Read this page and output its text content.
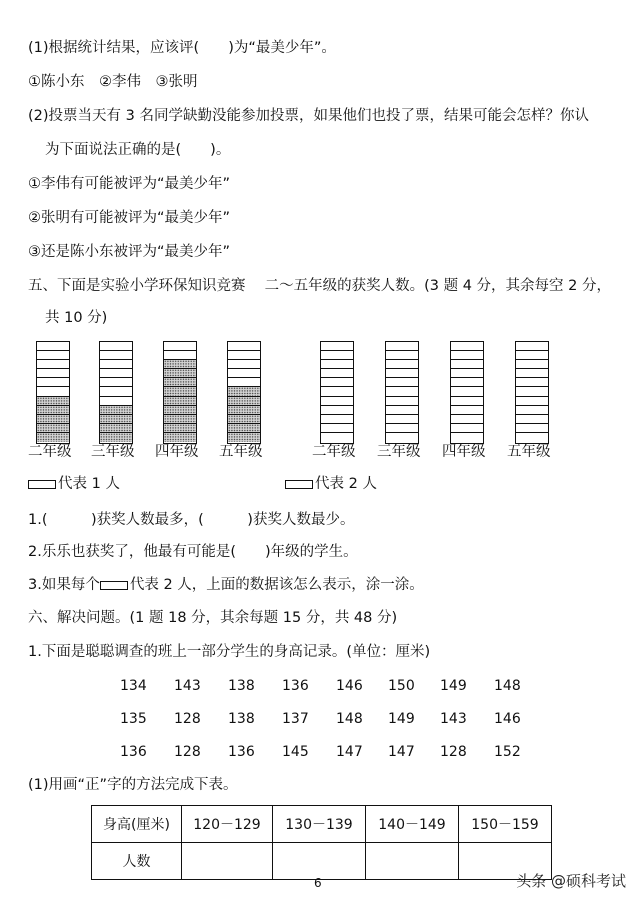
(1)根据统计结果，应该评(　　)为“最美少年”。
①陈小东　②李伟　③张明
(2)投票当天有 3 名同学缺勤没能参加投票，如果他们也投了票，结果可能会怎样？你认
为下面说法正确的是(　　)。
①李伟有可能被评为“最美少年”
②张明有可能被评为“最美少年”
③还是陈小东被评为“最美少年”
五、下面是实验小学环保知识竞赛　 二～五年级的获奖人数。(3 题 4 分，其余每空 2 分，
共 10 分)
二年级 三年级 四年级 五年级	二年级 三年级 四年级 五年级
代表 1 人	代表 2 人
1.(　　　)获奖人数最多，(　　　)获奖人数最少。
2.乐乐也获奖了，他最有可能是(　　)年级的学生。
3.如果每个 代表 2 人，上面的数据该怎么表示，涂一涂。
六、解决问题。(1 题 18 分，其余每题 15 分，共 48 分)
1.下面是聪聪调查的班上一部分学生的身高记录。(单位：厘米)
134 143 138 136 146 150 149 148
135 128 138 137 148 149 143 146
136 128 136 145 147 147 128 152
(1)用画“正”字的方法完成下表。
身高(厘米)	120－129	130－139	140－149	150－159
人数				
6	头条 @硕科考试
